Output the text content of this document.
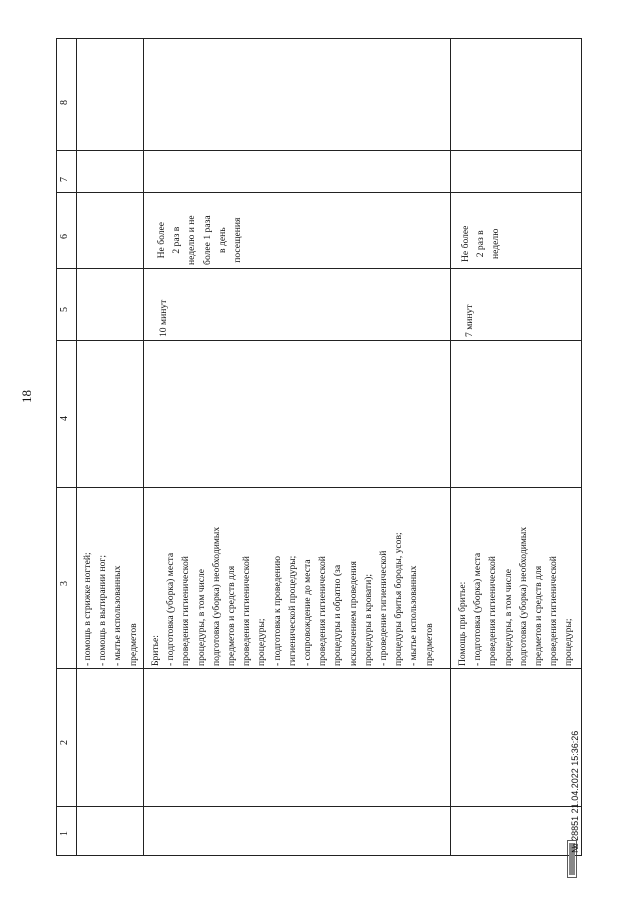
18
8
7
6
5
4
3
2
1
- помощь в стрижке ногтей; - помощь в вытирании ног; - мытье использованных предметов Бритье: - подготовка (уборка) места проведения гигиенической процедуры, в том числе подготовка (уборка) необходимых предметов и средств для проведения гигиенической процедуры; - подготовка к проведению гигиенической процедуры; - сопровождение до места проведения гигиенической процедуры и обратно (за исключением проведения процедуры в кровати); - проведение гигиенической процедуры бритья бороды, усов; - мытье использованных предметов
10 минут
Не более 2 раз в неделю и не более 1 раза в день посещения
Помощь при бритье: - подготовка (уборка) места проведения гигиенической процедуры, в том числе подготовка (уборка) необходимых предметов и средств для проведения гигиенической процедуры;
7 минут
Не более 2 раз в неделю
№ 28851 21.04.2022 15:36:26
